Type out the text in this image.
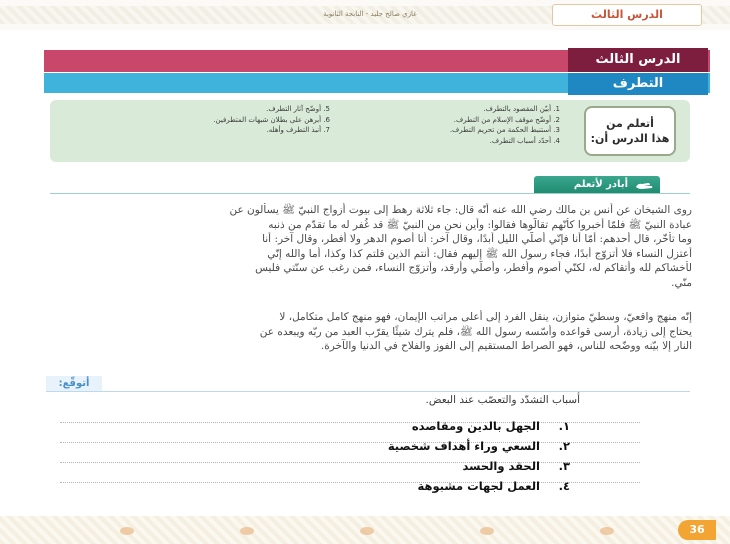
غازي صالح جليد - النابجة الثانوية	الدرس الثالث
الدرس الثالث
التطرف
أتعلم من
هذا الدرس أن:
1. أبيّن المقصود بالتطرف.
2. أوضّح موقف الإسلام من التطرف.
3. أستنبط الحكمة من تحريم التطرف.
4. أحدّد أسباب التطرف.
5. أوضّح آثار التطرف.
6. أبرهن على بطلان شبهات المتطرفين.
7. أنبذ التطرف وأهله.
أبادر لأتعلم

روى الشيخان عن أنس بن مالك رضي الله عنه أنّه قال: جاء ثلاثة رهط إلى بيوت أزواج النبيّ ﷺ يسألون عن

عبادة النبيّ ﷺ فلمّا أُخبروا كأنّهم تقالّوها فقالوا: وأين نحن من النبيّ ﷺ قد غُفر له ما تقدّم من ذنبه

وما تأخّر، قال أحدهم: أمّا أنا فإنّي أصلّي الليل أبدًا، وقال آخر: أنا أصوم الدهر ولا أُفطر، وقال آخر: أنا

أعتزل النساء فلا أتزوّج أبدًا، فجاء رسول الله ﷺ إليهم فقال: أنتم الذين قلتم كذا وكذا، أما والله إنّي

لأخشاكم لله وأتقاكم له، لكنّي أصوم وأُفطر، وأصلّي وأرقد، وأتزوّج النساء، فمن رغب عن سنّتي فليس

منّي.

إنّه منهج واقعيّ، وسطيّ متوازن، ينقل الفرد إلى أعلى مراتب الإيمان، فهو منهج كامل متكامل، لا

يحتاج إلى زيادة، أرسى قواعده وأسّسه رسول الله ﷺ، فلم يترك شيئًا يقرّب العبد من ربّه ويبعده عن

النار إلا بيّنه ووضّحه للناس، فهو الصراط المستقيم إلى الفوز والفلاح في الدنيا والآخرة.

أتوقّع:
أسباب التشدّد والتعصّب عند البعض.
١. الجهل بالدين ومقاصده
٢. السعي وراء أهداف شخصية
٣. الحقد والحسد
٤. العمل لجهات مشبوهة
36
